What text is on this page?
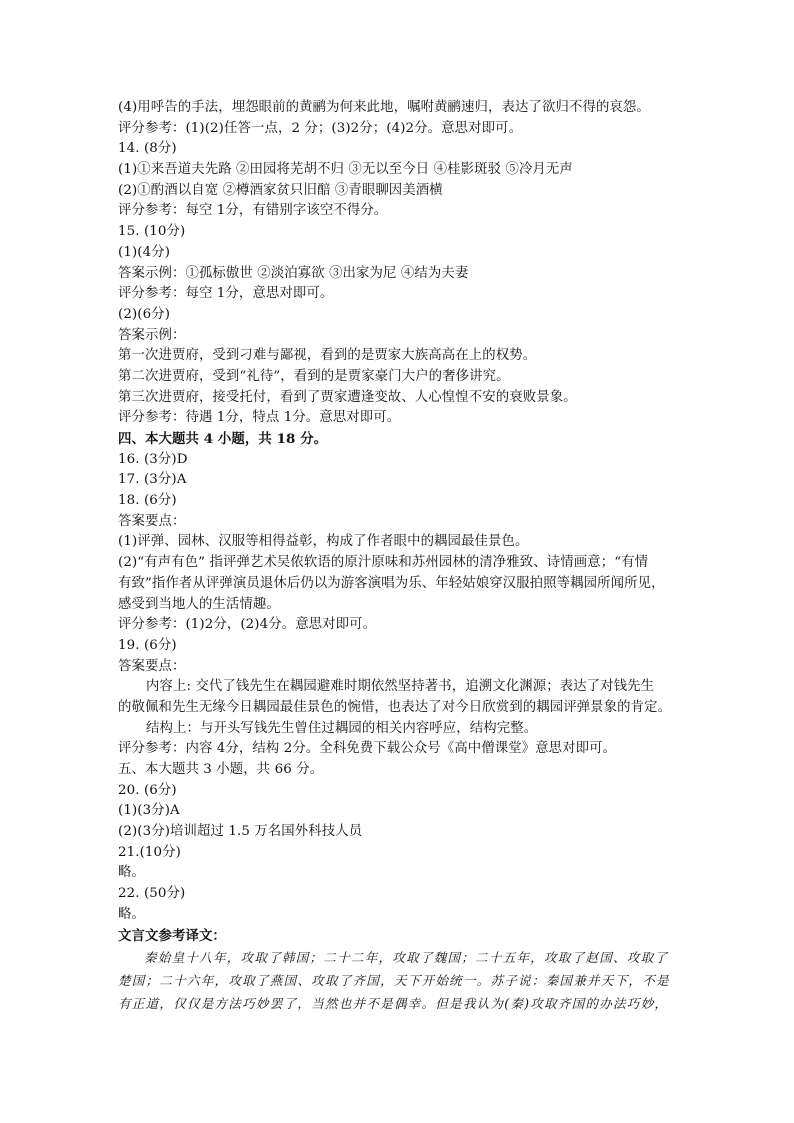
(4)用呼告的手法，埋怨眼前的黄鹂为何来此地，嘱咐黄鹂速归，表达了欲归不得的哀怨。
评分参考：(1)(2)任答一点，2 分；(3)2分；(4)2分。意思对即可。
14. (8分)
(1)①来吾道夫先路 ②田园将芜胡不归 ③无以至今日 ④桂影斑驳 ⑤冷月无声
(2)①酌酒以自宽 ②樽酒家贫只旧醅 ③青眼聊因美酒横
评分参考：每空 1分，有错别字该空不得分。
15. (10分)
(1)(4分)
答案示例：①孤标傲世 ②淡泊寡欲 ③出家为尼 ④结为夫妻
评分参考：每空 1分，意思对即可。
(2)(6分)
答案示例：
第一次进贾府，受到刁难与鄙视，看到的是贾家大族高高在上的权势。
第二次进贾府，受到“礼待”，看到的是贾家豪门大户的奢侈讲究。
第三次进贾府，接受托付，看到了贾家遭逢变故、人心惶惶不安的衰败景象。
评分参考：待遇 1分，特点 1分。意思对即可。
四、本大题共 4 小题，共 18 分。
16. (3分)D
17. (3分)A
18. (6分)
答案要点：
(1)评弹、园林、汉服等相得益彰，构成了作者眼中的耦园最佳景色。
(2)“有声有色” 指评弹艺术吴侬软语的原汁原味和苏州园林的清净雅致、诗情画意；“有情
有致”指作者从评弹演员退休后仍以为游客演唱为乐、年轻姑娘穿汉服拍照等耦园所闻所见，
感受到当地人的生活情趣。
评分参考：(1)2分，(2)4分。意思对即可。
19. (6分)
答案要点：
内容上: 交代了钱先生在耦园避难时期依然坚持著书，追溯文化渊源；表达了对钱先生
的敬佩和先生无缘今日耦园最佳景色的惋惜，也表达了对今日欣赏到的耦园评弹景象的肯定。
结构上：与开头写钱先生曾住过耦园的相关内容呼应，结构完整。
评分参考：内容 4分，结构 2分。全科免费下载公众号《高中僧课堂》意思对即可。
五、本大题共 3 小题，共 66 分。
20. (6分)
(1)(3分)A
(2)(3分)培训超过 1.5 万名国外科技人员
21.(10分)
略。
22. (50分)
略。
文言文参考译文：
秦始皇十八年，攻取了韩国；二十二年，攻取了魏国；二十五年，攻取了赵国、攻取了
楚国；二十六年，攻取了燕国、攻取了齐国，天下开始统一。苏子说：秦国兼并天下，不是
有正道，仅仅是方法巧妙罢了，当然也并不是偶幸。但是我认为(秦)攻取齐国的办法巧妙，
